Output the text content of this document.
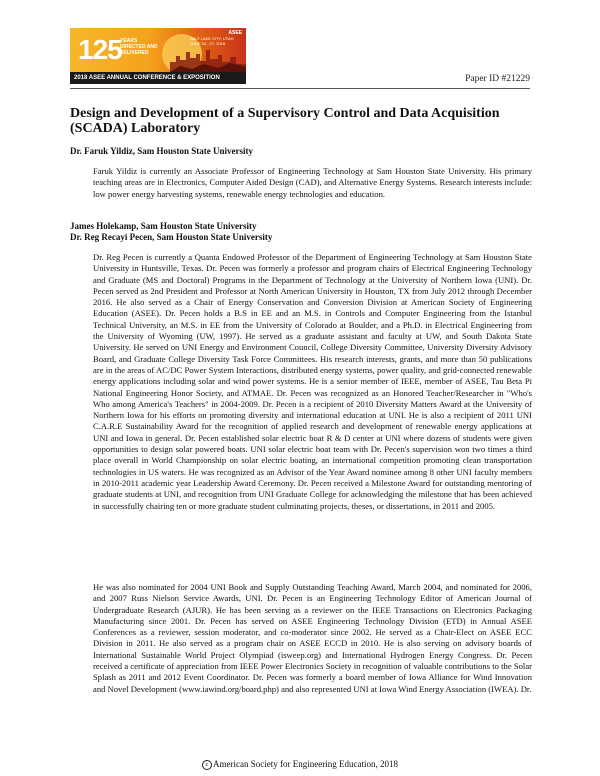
125
YEARS DIRECTED AND DELIVERED
SALT LAKE CITY, UTAH JUNE 24 - 27, 2018
ASEE
2018 ASEE ANNUAL CONFERENCE & EXPOSITION	Paper ID #21229
Design and Development of a Supervisory Control and Data Acquisition (SCADA) Laboratory
Dr. Faruk Yildiz, Sam Houston State University
Faruk Yildiz is currently an Associate Professor of Engineering Technology at Sam Houston State University. His primary teaching areas are in Electronics, Computer Aided Design (CAD), and Alternative Energy Systems. Research interests include: low power energy harvesting systems, renewable energy technologies and education.
James Holekamp, Sam Houston State University
Dr. Reg Recayi Pecen, Sam Houston State University
Dr. Reg Pecen is currently a Quanta Endowed Professor of the Department of Engineering Technology at Sam Houston State University in Huntsville, Texas. Dr. Pecen was formerly a professor and program chairs of Electrical Engineering Technology and Graduate (MS and Doctoral) Programs in the Department of Technology at the University of Northern Iowa (UNI). Dr. Pecen served as 2nd President and Professor at North American University in Houston, TX from July 2012 through December 2016. He also served as a Chair of Energy Conservation and Conversion Division at American Society of Engineering Education (ASEE). Dr. Pecen holds a B.S in EE and an M.S. in Controls and Computer Engineering from the Istanbul Technical University, an M.S. in EE from the University of Colorado at Boulder, and a Ph.D. in Electrical Engineering from the University of Wyoming (UW, 1997). He served as a graduate assistant and faculty at UW, and South Dakota State University. He served on UNI Energy and Environment Council, College Diversity Committee, University Diversity Advisory Board, and Graduate College Diversity Task Force Committees. His research interests, grants, and more than 50 publications are in the areas of AC/DC Power System Interactions, distributed energy systems, power quality, and grid-connected renewable energy applications including solar and wind power systems. He is a senior member of IEEE, member of ASEE, Tau Beta Pi National Engineering Honor Society, and ATMAE. Dr. Pecen was recognized as an Honored Teacher/Researcher in "Who's Who among America's Teachers" in 2004-2009. Dr. Pecen is a recipient of 2010 Diversity Matters Award at the University of Northern Iowa for his efforts on promoting diversity and international education at UNI. He is also a recipient of 2011 UNI C.A.R.E Sustainability Award for the recognition of applied research and development of renewable energy applications at UNI and Iowa in general. Dr. Pecen established solar electric boat R & D center at UNI where dozens of students were given opportunities to design solar powered boats. UNI solar electric boat team with Dr. Pecen's supervision won two times a third place overall in World Championship on solar electric boating, an international competition promoting clean transportation technologies in US waters. He was recognized as an Advisor of the Year Award nominee among 8 other UNI faculty members in 2010-2011 academic year Leadership Award Ceremony. Dr. Pecen received a Milestone Award for outstanding mentoring of graduate students at UNI, and recognition from UNI Graduate College for acknowledging the milestone that has been achieved in successfully chairing ten or more graduate student culminating projects, theses, or dissertations, in 2011 and 2005.
He was also nominated for 2004 UNI Book and Supply Outstanding Teaching Award, March 2004, and nominated for 2006, and 2007 Russ Nielson Service Awards, UNI. Dr. Pecen is an Engineering Technology Editor of American Journal of Undergraduate Research (AJUR). He has been serving as a reviewer on the IEEE Transactions on Electronics Packaging Manufacturing since 2001. Dr. Pecen has served on ASEE Engineering Technology Division (ETD) in Annual ASEE Conferences as a reviewer, session moderator, and co-moderator since 2002. He served as a Chair-Elect on ASEE ECC Division in 2011. He also served as a program chair on ASEE ECCD in 2010. He is also serving on advisory boards of International Sustainable World Project Olympiad (isweep.org) and International Hydrogen Energy Congress. Dr. Pecen received a certificate of appreciation from IEEE Power Electronics Society in recognition of valuable contributions to the Solar Splash as 2011 and 2012 Event Coordinator. Dr. Pecen was formerly a board member of Iowa Alliance for Wind Innovation and Novel Development (www.iawind.org/board.php) and also represented UNI at Iowa Wind Energy Association (IWEA). Dr.
c American Society for Engineering Education, 2018
